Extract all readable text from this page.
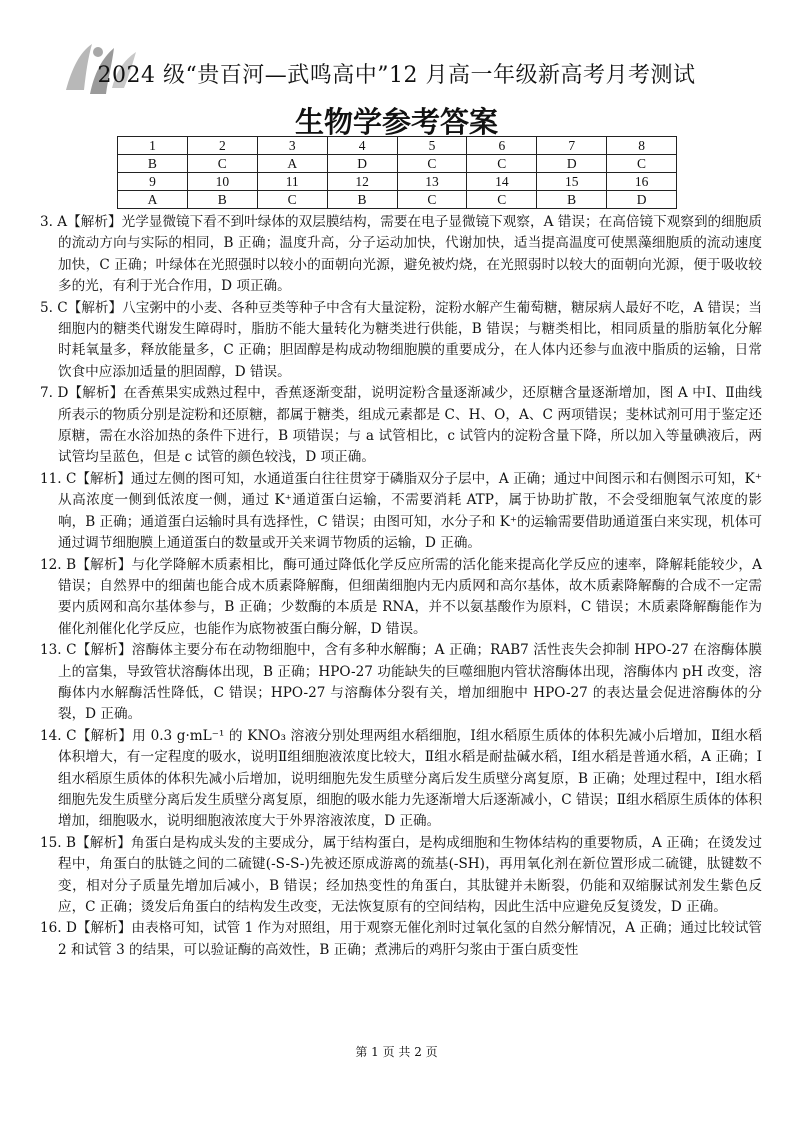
2024 级“贵百河—武鸣高中”12 月高一年级新高考月考测试
生物学参考答案
1	2	3	4	5	6	7	8
B	C	A	D	C	C	D	C
9	10	11	12	13	14	15	16
A	B	C	B	C	C	B	D

3. A【解析】光学显微镜下看不到叶绿体的双层膜结构，需要在电子显微镜下观察，A 错误；在高倍镜下观察到的细胞质的流动方向与实际的相同，B 正确；温度升高，分子运动加快，代谢加快，适当提高温度可使黑藻细胞质的流动速度加快，C 正确；叶绿体在光照强时以较小的面朝向光源，避免被灼烧，在光照弱时以较大的面朝向光源，便于吸收较多的光，有利于光合作用，D 项正确。

5. C【解析】八宝粥中的小麦、各种豆类等种子中含有大量淀粉，淀粉水解产生葡萄糖，糖尿病人最好不吃，A 错误；当细胞内的糖类代谢发生障碍时，脂肪不能大量转化为糖类进行供能，B 错误；与糖类相比，相同质量的脂肪氧化分解时耗氧量多，释放能量多，C 正确；胆固醇是构成动物细胞膜的重要成分，在人体内还参与血液中脂质的运输，日常饮食中应添加适量的胆固醇，D 错误。

7. D【解析】在香蕉果实成熟过程中，香蕉逐渐变甜，说明淀粉含量逐渐减少，还原糖含量逐渐增加，图 A 中Ⅰ、Ⅱ曲线所表示的物质分别是淀粉和还原糖，都属于糖类，组成元素都是 C、H、O，A、C 两项错误；斐林试剂可用于鉴定还原糖，需在水浴加热的条件下进行，B 项错误；与 a 试管相比，c 试管内的淀粉含量下降，所以加入等量碘液后，两试管均呈蓝色，但是 c 试管的颜色较浅，D 项正确。

11. C【解析】通过左侧的图可知，水通道蛋白往往贯穿于磷脂双分子层中，A 正确；通过中间图示和右侧图示可知，K⁺从高浓度一侧到低浓度一侧，通过 K⁺通道蛋白运输，不需要消耗 ATP，属于协助扩散，不会受细胞氧气浓度的影响，B 正确；通道蛋白运输时具有选择性，C 错误；由图可知，水分子和 K⁺的运输需要借助通道蛋白来实现，机体可通过调节细胞膜上通道蛋白的数量或开关来调节物质的运输，D 正确。

12. B【解析】与化学降解木质素相比，酶可通过降低化学反应所需的活化能来提高化学反应的速率，降解耗能较少，A 错误；自然界中的细菌也能合成木质素降解酶，但细菌细胞内无内质网和高尔基体，故木质素降解酶的合成不一定需要内质网和高尔基体参与，B 正确；少数酶的本质是 RNA，并不以氨基酸作为原料，C 错误；木质素降解酶能作为催化剂催化化学反应，也能作为底物被蛋白酶分解，D 错误。

13. C【解析】溶酶体主要分布在动物细胞中，含有多种水解酶；A 正确；RAB7 活性丧失会抑制 HPO-27 在溶酶体膜上的富集，导致管状溶酶体出现，B 正确；HPO-27 功能缺失的巨噬细胞内管状溶酶体出现，溶酶体内 pH 改变，溶酶体内水解酶活性降低，C 错误；HPO-27 与溶酶体分裂有关，增加细胞中 HPO-27 的表达量会促进溶酶体的分裂，D 正确。

14. C【解析】用 0.3 g·mL⁻¹ 的 KNO₃ 溶液分别处理两组水稻细胞，Ⅰ组水稻原生质体的体积先减小后增加，Ⅱ组水稻体积增大，有一定程度的吸水，说明Ⅱ组细胞液浓度比较大，Ⅱ组水稻是耐盐碱水稻，Ⅰ组水稻是普通水稻，A 正确；Ⅰ组水稻原生质体的体积先减小后增加，说明细胞先发生质壁分离后发生质壁分离复原，B 正确；处理过程中，Ⅰ组水稻细胞先发生质壁分离后发生质壁分离复原，细胞的吸水能力先逐渐增大后逐渐减小，C 错误；Ⅱ组水稻原生质体的体积增加，细胞吸水，说明细胞液浓度大于外界溶液浓度，D 正确。

15. B【解析】角蛋白是构成头发的主要成分，属于结构蛋白，是构成细胞和生物体结构的重要物质，A 正确；在烫发过程中，角蛋白的肽链之间的二硫键(-S-S-)先被还原成游离的巯基(-SH)，再用氧化剂在新位置形成二硫键，肽键数不变，相对分子质量先增加后减小，B 错误；经加热变性的角蛋白，其肽键并未断裂，仍能和双缩脲试剂发生紫色反应，C 正确；烫发后角蛋白的结构发生改变，无法恢复原有的空间结构，因此生活中应避免反复烫发，D 正确。

16. D【解析】由表格可知，试管 1 作为对照组，用于观察无催化剂时过氧化氢的自然分解情况，A 正确；通过比较试管 2 和试管 3 的结果，可以验证酶的高效性，B 正确；煮沸后的鸡肝匀浆由于蛋白质变性

第 1 页 共 2 页
